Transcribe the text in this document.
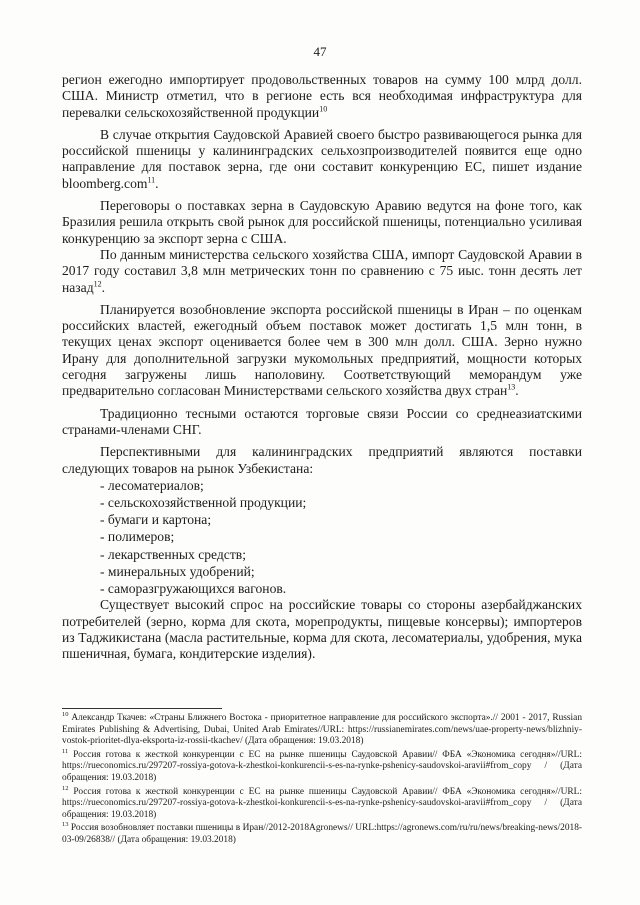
47

регион ежегодно импортирует продовольственных товаров на сумму 100 млрд долл. США. Министр отметил, что в регионе есть вся необходимая инфраструктура для перевалки сельскохозяйственной продукции$^{10}$

В случае открытия Саудовской Аравией своего быстро развивающегося рынка для российской пшеницы у калининградских сельхозпроизводителей появится еще одно направление для поставок зерна, где они составит конкуренцию ЕС, пишет издание bloomberg.com$^{11}$.

Переговоры о поставках зерна в Саудовскую Аравию ведутся на фоне того, как Бразилия решила открыть свой рынок для российской пшеницы, потенциально усиливая конкуренцию за экспорт зерна с США.

По данным министерства сельского хозяйства США, импорт Саудовской Аравии в 2017 году составил 3,8 млн метрических тонн по сравнению с 75 иыс. тонн десять лет назад$^{12}$.

Планируется возобновление экспорта российской пшеницы в Иран – по оценкам российских властей, ежегодный объем поставок может достигать 1,5 млн тонн, в текущих ценах экспорт оценивается более чем в 300 млн долл. США. Зерно нужно Ирану для дополнительной загрузки мукомольных предприятий, мощности которых сегодня загружены лишь наполовину. Соответствующий меморандум уже предварительно согласован Министерствами сельского хозяйства двух стран$^{13}$.

Традиционно тесными остаются торговые связи России со среднеазиатскими странами-членами СНГ.

Перспективными для калининградских предприятий являются поставки следующих товаров на рынок Узбекистана:

- лесоматериалов;
- сельскохозяйственной продукции;
- бумаги и картона;
- полимеров;
- лекарственных средств;
- минеральных удобрений;
- саморазгружающихся вагонов.

Существует высокий спрос на российские товары со стороны азербайджанских потребителей (зерно, корма для скота, морепродукты, пищевые консервы); импортеров из Таджикистана (масла растительные, корма для скота, лесоматериалы, удобрения, мука пшеничная, бумага, кондитерские изделия).

$^{10}$ Александр Ткачев: «Страны Ближнего Востока - приоритетное направление для российского экспорта».// 2001 - 2017, Russian Emirates Publishing & Advertising, Dubai, United Arab Emirates//URL: https://russianemirates.com/news/uae-property-news/blizhniy-vostok-prioritet-dlya-eksporta-iz-rossii-tkachev/ (Дата обращения: 19.03.2018)

$^{11}$ Россия готова к жесткой конкуренции с ЕС на рынке пшеницы Саудовской Аравии// ФБА «Экономика сегодня»//URL: https://rueconomics.ru/297207-rossiya-gotova-k-zhestkoi-konkurencii-s-es-na-rynke-pshenicy-saudovskoi-aravii#from_copy / (Дата обращения: 19.03.2018)

$^{12}$ Россия готова к жесткой конкуренции с ЕС на рынке пшеницы Саудовской Аравии// ФБА «Экономика сегодня»//URL: https://rueconomics.ru/297207-rossiya-gotova-k-zhestkoi-konkurencii-s-es-na-rynke-pshenicy-saudovskoi-aravii#from_copy / (Дата обращения: 19.03.2018)

$^{13}$ Россия возобновляет поставки пшеницы в Иран//2012-2018Agronews// URL:https://agronews.com/ru/ru/news/breaking-news/2018-03-09/26838// (Дата обращения: 19.03.2018)
